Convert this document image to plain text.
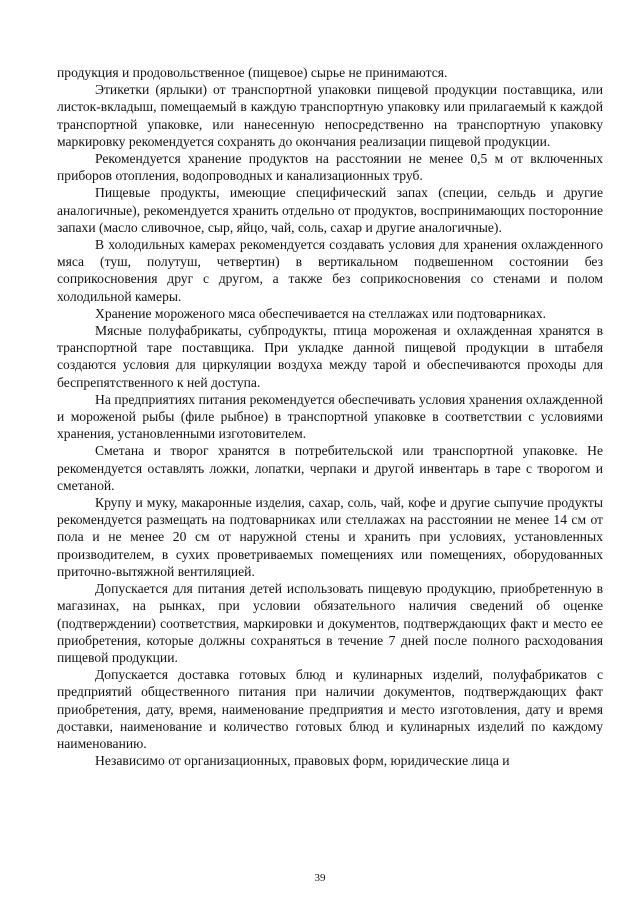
продукция и продовольственное (пищевое) сырье не принимаются.

Этикетки (ярлыки) от транспортной упаковки пищевой продукции поставщика, или листок-вкладыш, помещаемый в каждую транспортную упаковку или прилагаемый к каждой транспортной упаковке, или нанесенную непосредственно на транспортную упаковку маркировку рекомендуется сохранять до окончания реализации пищевой продукции.

Рекомендуется хранение продуктов на расстоянии не менее 0,5 м от включенных приборов отопления, водопроводных и канализационных труб.

Пищевые продукты, имеющие специфический запах (специи, сельдь и другие аналогичные), рекомендуется хранить отдельно от продуктов, воспринимающих посторонние запахи (масло сливочное, сыр, яйцо, чай, соль, сахар и другие аналогичные).

В холодильных камерах рекомендуется создавать условия для хранения охлажденного мяса (туш, полутуш, четвертин) в вертикальном подвешенном состоянии без соприкосновения друг с другом, а также без соприкосновения со стенами и полом холодильной камеры.

Хранение мороженого мяса обеспечивается на стеллажах или подтоварниках.

Мясные полуфабрикаты, субпродукты, птица мороженая и охлажденная хранятся в транспортной таре поставщика. При укладке данной пищевой продукции в штабеля создаются условия для циркуляции воздуха между тарой и обеспечиваются проходы для беспрепятственного к ней доступа.

На предприятиях питания рекомендуется обеспечивать условия хранения охлажденной и мороженой рыбы (филе рыбное) в транспортной упаковке в соответствии с условиями хранения, установленными изготовителем.

Сметана и творог хранятся в потребительской или транспортной упаковке. Не рекомендуется оставлять ложки, лопатки, черпаки и другой инвентарь в таре с творогом и сметаной.

Крупу и муку, макаронные изделия, сахар, соль, чай, кофе и другие сыпучие продукты рекомендуется размещать на подтоварниках или стеллажах на расстоянии не менее 14 см от пола и не менее 20 см от наружной стены и хранить при условиях, установленных производителем, в сухих проветриваемых помещениях или помещениях, оборудованных приточно-вытяжной вентиляцией.

Допускается для питания детей использовать пищевую продукцию, приобретенную в магазинах, на рынках, при условии обязательного наличия сведений об оценке (подтверждении) соответствия, маркировки и документов, подтверждающих факт и место ее приобретения, которые должны сохраняться в течение 7 дней после полного расходования пищевой продукции.

Допускается доставка готовых блюд и кулинарных изделий, полуфабрикатов с предприятий общественного питания при наличии документов, подтверждающих факт приобретения, дату, время, наименование предприятия и место изготовления, дату и время доставки, наименование и количество готовых блюд и кулинарных изделий по каждому наименованию.

Независимо от организационных, правовых форм, юридические лица и

39
